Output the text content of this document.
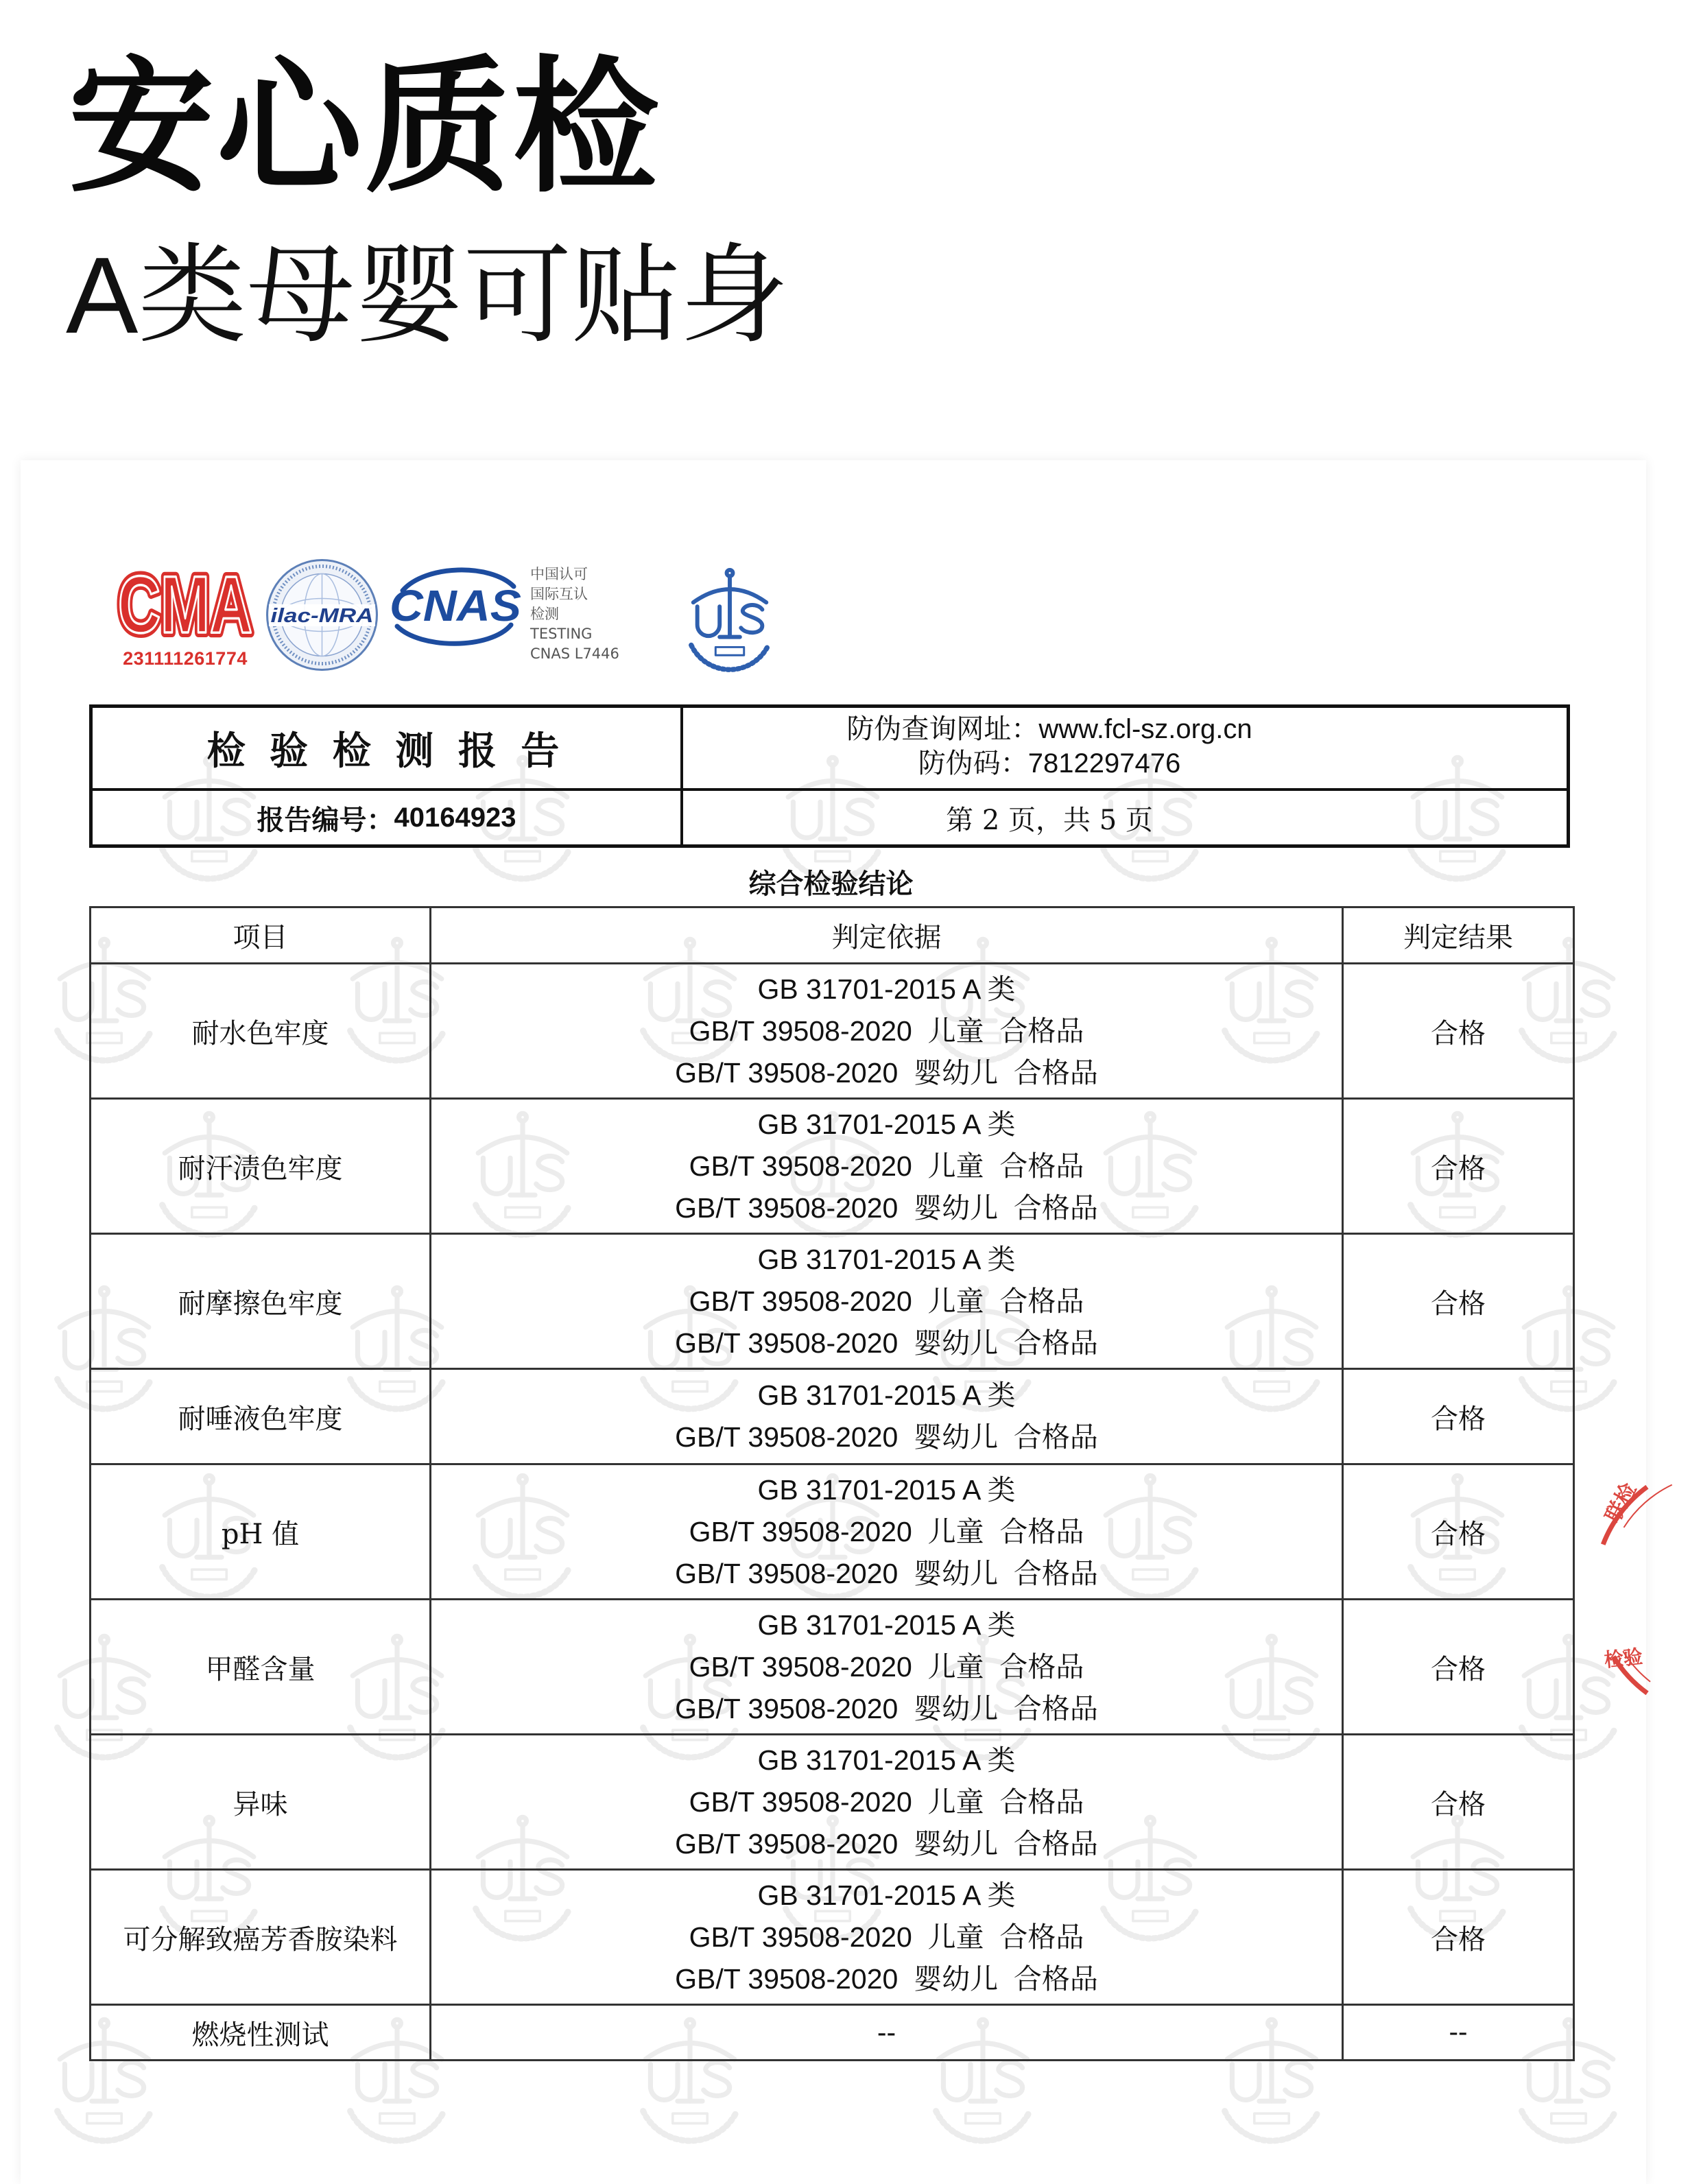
安心质检
A类母婴可贴身
CMA
CMA
231111261774
ilac-MRA CNAS
中国认可
国际互认
检测
TESTING
CNAS L7446
检 验 检 测 报 告	防伪查询网址：www.fcl-sz.org.cn
防伪码：7812297476
报告编号： 40164923	第 2 页，共 5 页
综合检验结论
项目	判定依据	判定结果
耐水色牢度	GB 31701-2015 A 类
GB/T 39508-2020  儿童  合格品
GB/T 39508-2020  婴幼儿  合格品	合格
耐汗渍色牢度	GB 31701-2015 A 类
GB/T 39508-2020  儿童  合格品
GB/T 39508-2020  婴幼儿  合格品	合格
耐摩擦色牢度	GB 31701-2015 A 类
GB/T 39508-2020  儿童  合格品
GB/T 39508-2020  婴幼儿  合格品	合格
耐唾液色牢度	GB 31701-2015 A 类
GB/T 39508-2020  婴幼儿  合格品	合格
pH 值	GB 31701-2015 A 类
GB/T 39508-2020  儿童  合格品
GB/T 39508-2020  婴幼儿  合格品	合格
甲醛含量	GB 31701-2015 A 类
GB/T 39508-2020  儿童  合格品
GB/T 39508-2020  婴幼儿  合格品	合格
异味	GB 31701-2015 A 类
GB/T 39508-2020  儿童  合格品
GB/T 39508-2020  婴幼儿  合格品	合格
可分解致癌芳香胺染料	GB 31701-2015 A 类
GB/T 39508-2020  儿童  合格品
GB/T 39508-2020  婴幼儿  合格品	合格
燃烧性测试	--	--
联检
检验
